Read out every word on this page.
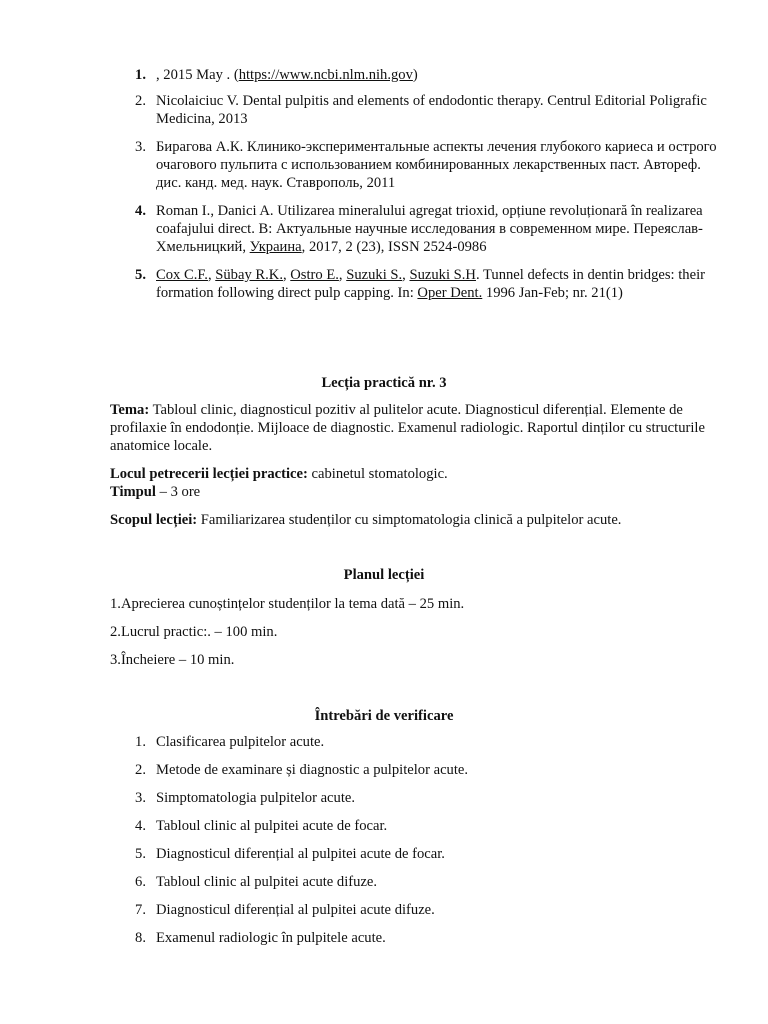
1. , 2015 May . (https://www.ncbi.nlm.nih.gov)
2. Nicolaiciuc V. Dental pulpitis and elements of endodontic therapy. Centrul Editorial Poligrafic Medicina, 2013
3. Бирагова А.К. Клинико-экспериментальные аспекты лечения глубокого кариеса и острого очагового пульпита с использованием комбинированных лекарственных паст. Автореф. дис. канд. мед. наук. Ставрополь, 2011
4. Roman I., Danici A. Utilizarea mineralului agregat trioxid, opțiune revoluționară în realizarea coafajului direct. В: Актуальные научные исследования в современном мире. Переяслав-Хмельницкий, Украина, 2017, 2 (23), ISSN 2524-0986
5. Cox C.F., Sübay R.K., Ostro E., Suzuki S., Suzuki S.H. Tunnel defects in dentin bridges: their formation following direct pulp capping. In: Oper Dent. 1996 Jan-Feb; nr. 21(1)
Lecția practică nr. 3
Tema: Tabloul clinic, diagnosticul pozitiv al pulitelor acute. Diagnosticul diferențial. Elemente de profilaxie în endodonție. Mijloace de diagnostic. Examenul radiologic. Raportul dinților cu structurile anatomice locale.
Locul petrecerii lecției practice: cabinetul stomatologic.
Timpul – 3 ore
Scopul lecției: Familiarizarea studenților cu simptomatologia clinică a pulpitelor acute.
Planul lecției
1.Aprecierea cunoștințelor studenților la tema dată – 25 min.
2.Lucrul practic:. – 100 min.
3.Încheiere – 10 min.
Întrebări de verificare
1. Clasificarea pulpitelor acute.
2. Metode de examinare și diagnostic a pulpitelor acute.
3. Simptomatologia pulpitelor acute.
4. Tabloul clinic al pulpitei acute de focar.
5. Diagnosticul diferențial al pulpitei acute de focar.
6. Tabloul clinic al pulpitei acute difuze.
7. Diagnosticul diferențial al pulpitei acute difuze.
8. Examenul radiologic în pulpitele acute.
